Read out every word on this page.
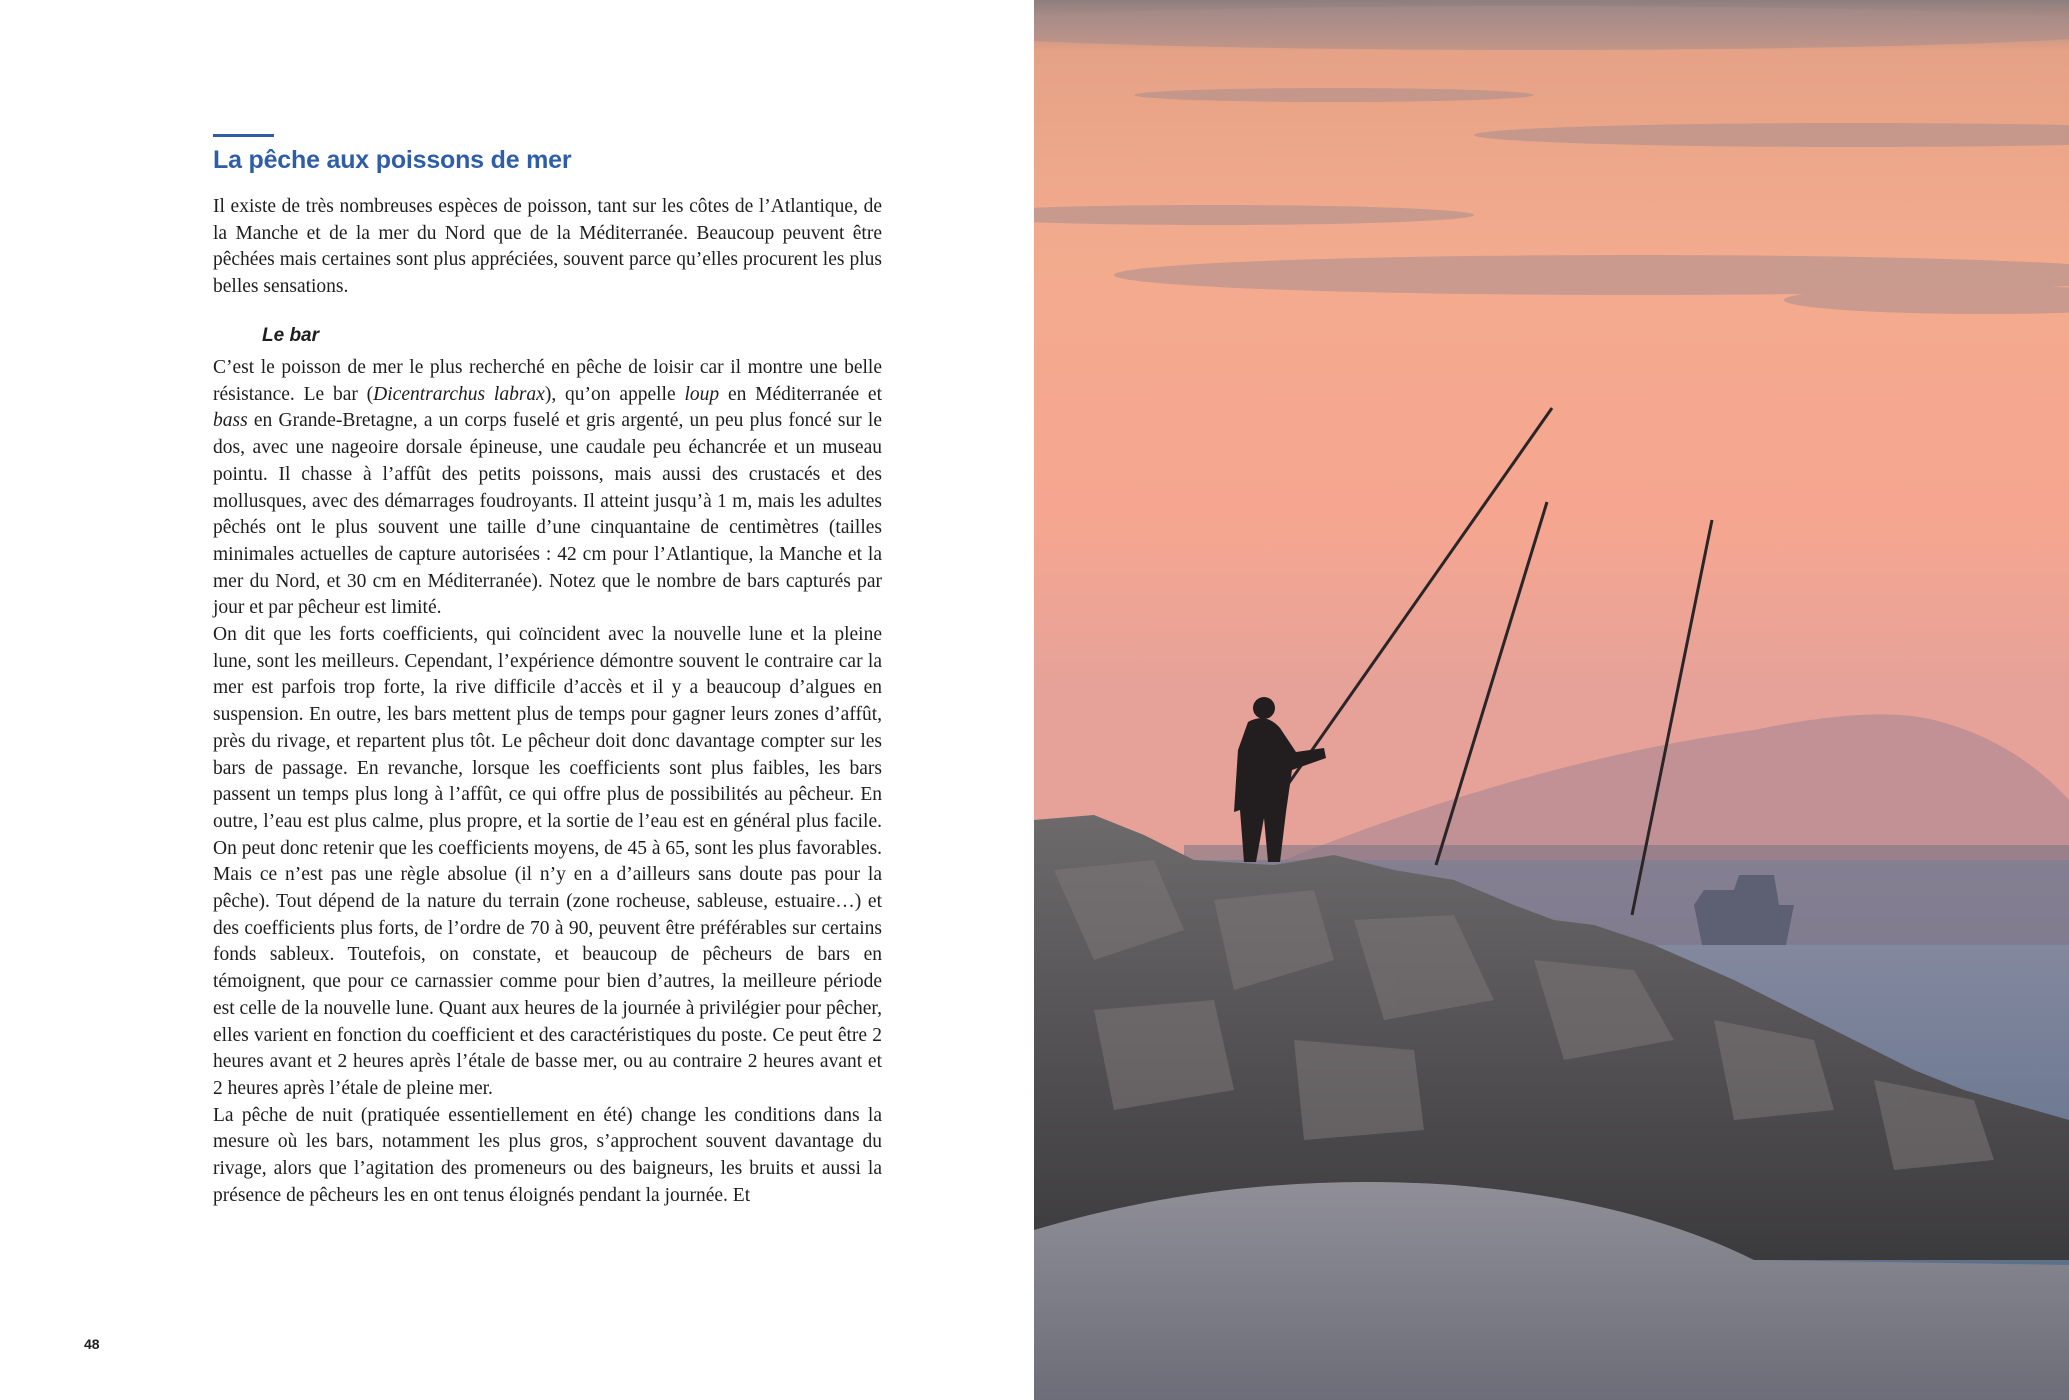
La pêche aux poissons de mer

Il existe de très nombreuses espèces de poisson, tant sur les côtes de l’Atlantique, de la Manche et de la mer du Nord que de la Méditerranée. Beaucoup peuvent être pêchées mais certaines sont plus appréciées, souvent parce qu’elles procurent les plus belles sensations.

Le bar

C’est le poisson de mer le plus recherché en pêche de loisir car il montre une belle résistance. Le bar (Dicentrarchus labrax), qu’on appelle loup en Méditerranée et bass en Grande-Bretagne, a un corps fuselé et gris argenté, un peu plus foncé sur le dos, avec une nageoire dorsale épineuse, une caudale peu échancrée et un museau pointu. Il chasse à l’affût des petits poissons, mais aussi des crustacés et des mollusques, avec des démarrages foudroyants. Il atteint jusqu’à 1 m, mais les adultes pêchés ont le plus souvent une taille d’une cinquantaine de centimètres (tailles minimales actuelles de capture autorisées : 42 cm pour l’Atlantique, la Manche et la mer du Nord, et 30 cm en Méditerranée). Notez que le nombre de bars capturés par jour et par pêcheur est limité.

On dit que les forts coefficients, qui coïncident avec la nouvelle lune et la pleine lune, sont les meilleurs. Cependant, l’expérience démontre souvent le contraire car la mer est parfois trop forte, la rive difficile d’accès et il y a beaucoup d’algues en suspension. En outre, les bars mettent plus de temps pour gagner leurs zones d’affût, près du rivage, et repartent plus tôt. Le pêcheur doit donc davantage compter sur les bars de passage. En revanche, lorsque les coefficients sont plus faibles, les bars passent un temps plus long à l’affût, ce qui offre plus de possibilités au pêcheur. En outre, l’eau est plus calme, plus propre, et la sortie de l’eau est en général plus facile. On peut donc retenir que les coefficients moyens, de 45 à 65, sont les plus favorables. Mais ce n’est pas une règle absolue (il n’y en a d’ailleurs sans doute pas pour la pêche). Tout dépend de la nature du terrain (zone rocheuse, sableuse, estuaire…) et des coefficients plus forts, de l’ordre de 70 à 90, peuvent être préférables sur certains fonds sableux. Toutefois, on constate, et beaucoup de pêcheurs de bars en témoignent, que pour ce carnassier comme pour bien d’autres, la meilleure période est celle de la nouvelle lune. Quant aux heures de la journée à privilégier pour pêcher, elles varient en fonction du coefficient et des caractéristiques du poste. Ce peut être 2 heures avant et 2 heures après l’étale de basse mer, ou au contraire 2 heures avant et 2 heures après l’étale de pleine mer.

La pêche de nuit (pratiquée essentiellement en été) change les conditions dans la mesure où les bars, notamment les plus gros, s’approchent souvent davantage du rivage, alors que l’agitation des promeneurs ou des baigneurs, les bruits et aussi la présence de pêcheurs les en ont tenus éloignés pendant la journée. Et

48
